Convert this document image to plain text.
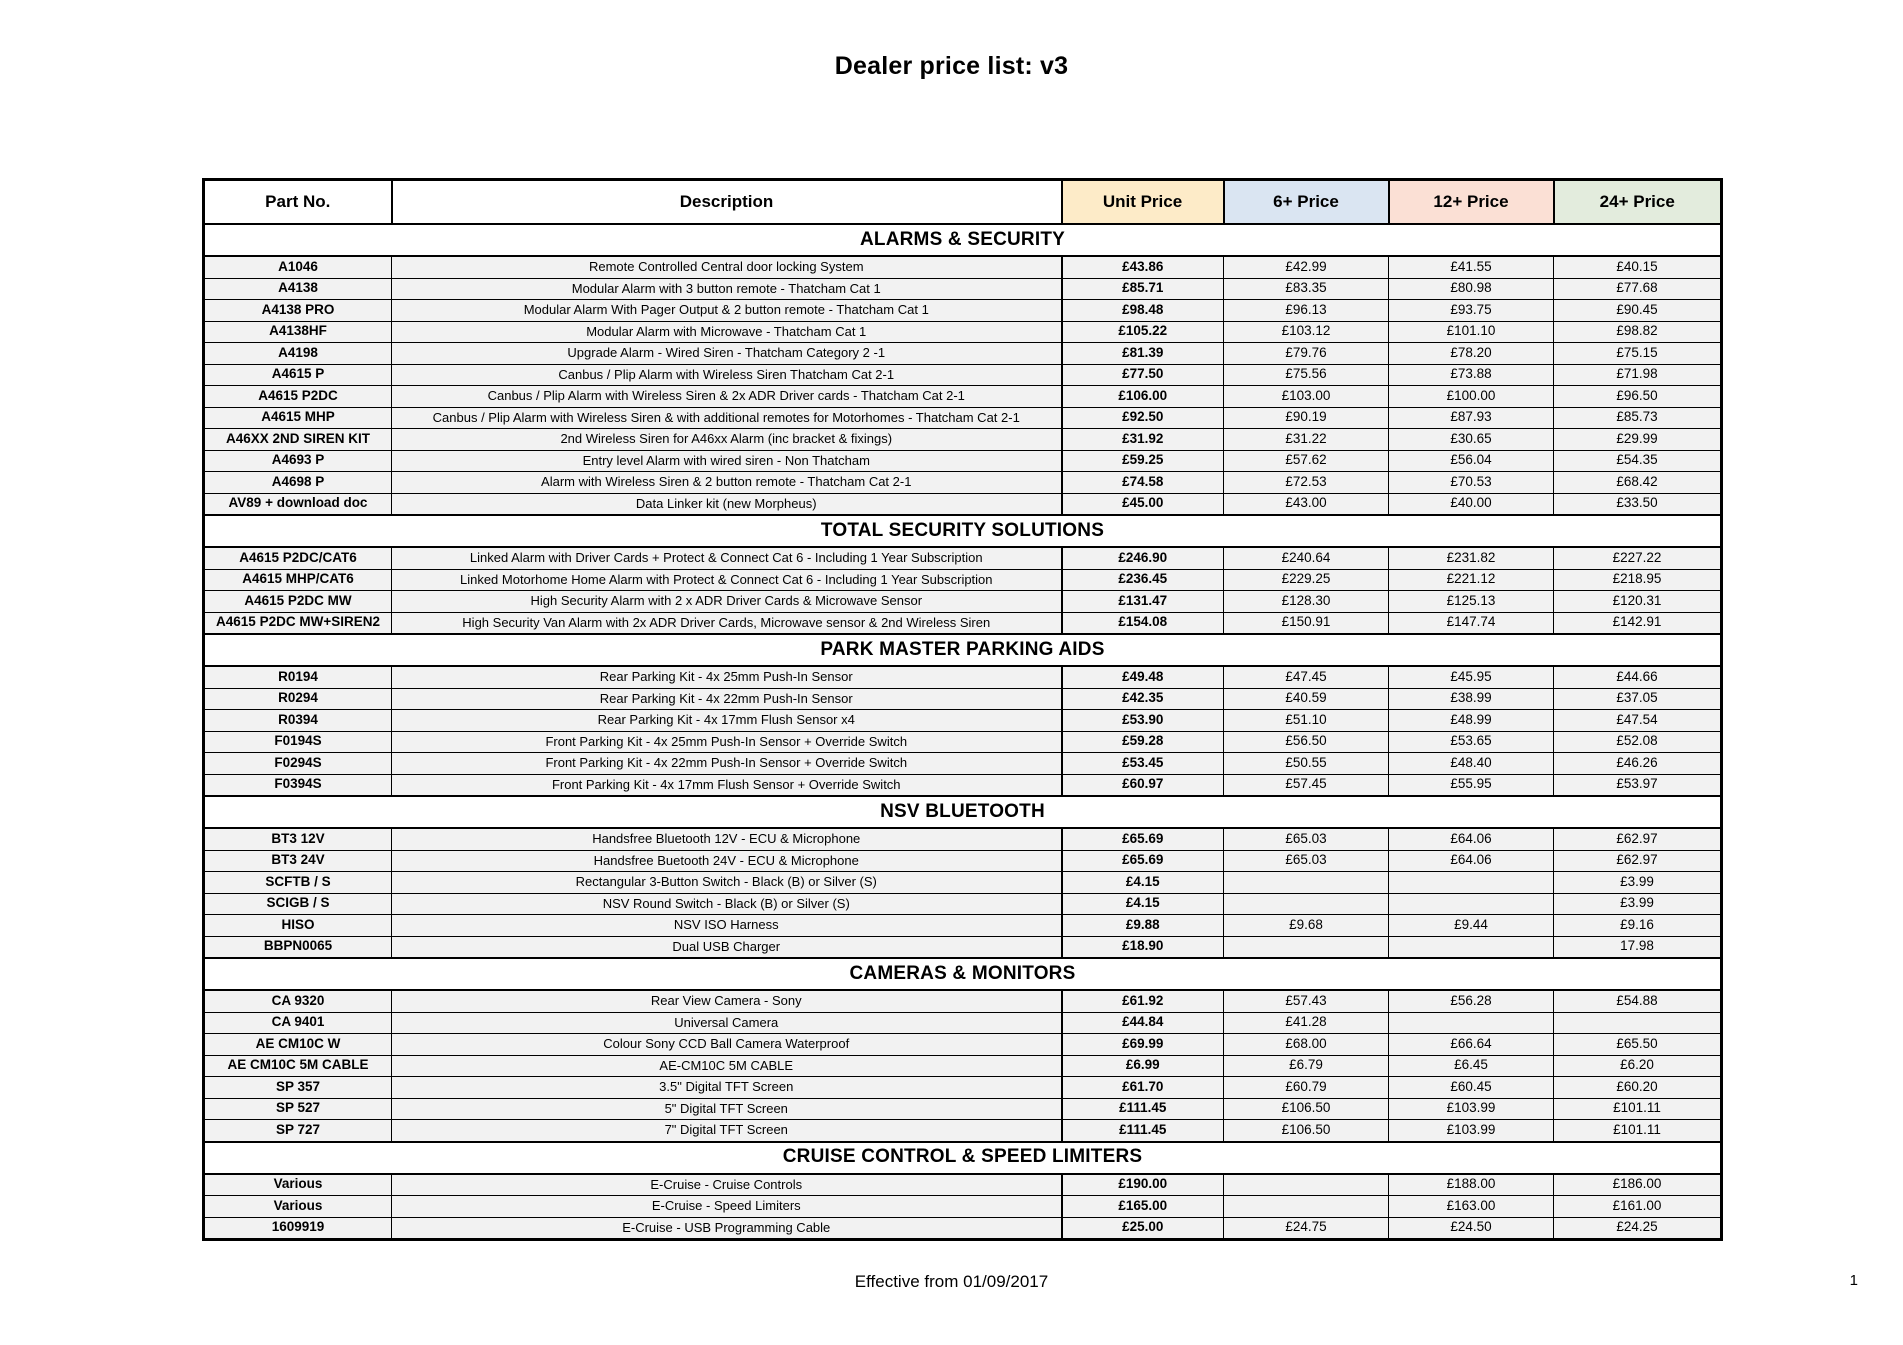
Dealer price list: v3
Part No.	Description	Unit Price	6+ Price	12+ Price	24+ Price
ALARMS & SECURITY					
A1046	Remote Controlled Central door locking System	£43.86	£42.99	£41.55	£40.15
A4138	Modular Alarm with 3 button remote - Thatcham Cat 1	£85.71	£83.35	£80.98	£77.68
A4138 PRO	Modular Alarm With Pager Output & 2 button remote - Thatcham Cat 1	£98.48	£96.13	£93.75	£90.45
A4138HF	Modular Alarm with Microwave - Thatcham Cat 1	£105.22	£103.12	£101.10	£98.82
A4198	Upgrade Alarm - Wired Siren - Thatcham Category 2 -1	£81.39	£79.76	£78.20	£75.15
A4615 P	Canbus / Plip Alarm with Wireless Siren Thatcham Cat 2-1	£77.50	£75.56	£73.88	£71.98
A4615 P2DC	Canbus / Plip Alarm with Wireless Siren & 2x ADR Driver cards - Thatcham Cat 2-1	£106.00	£103.00	£100.00	£96.50
A4615 MHP	Canbus / Plip Alarm with Wireless Siren & with additional remotes for Motorhomes - Thatcham Cat 2-1	£92.50	£90.19	£87.93	£85.73
A46XX 2ND SIREN KIT	2nd Wireless Siren for A46xx Alarm (inc bracket & fixings)	£31.92	£31.22	£30.65	£29.99
A4693 P	Entry level Alarm with wired siren - Non Thatcham	£59.25	£57.62	£56.04	£54.35
A4698 P	Alarm with Wireless Siren & 2 button remote - Thatcham Cat 2-1	£74.58	£72.53	£70.53	£68.42
AV89 + download doc	Data Linker kit (new Morpheus)	£45.00	£43.00	£40.00	£33.50
TOTAL SECURITY SOLUTIONS					
A4615 P2DC/CAT6	Linked Alarm with Driver Cards + Protect & Connect Cat 6 - Including 1 Year Subscription	£246.90	£240.64	£231.82	£227.22
A4615 MHP/CAT6	Linked Motorhome Home Alarm with Protect & Connect Cat 6 - Including 1 Year Subscription	£236.45	£229.25	£221.12	£218.95
A4615 P2DC MW	High Security Alarm with 2 x ADR Driver Cards & Microwave Sensor	£131.47	£128.30	£125.13	£120.31
A4615 P2DC MW+SIREN2	High Security Van Alarm with 2x ADR Driver Cards, Microwave sensor & 2nd Wireless Siren	£154.08	£150.91	£147.74	£142.91
PARK MASTER PARKING AIDS					
R0194	Rear Parking Kit - 4x 25mm Push-In Sensor	£49.48	£47.45	£45.95	£44.66
R0294	Rear Parking Kit - 4x 22mm Push-In Sensor	£42.35	£40.59	£38.99	£37.05
R0394	Rear Parking Kit - 4x 17mm Flush Sensor x4	£53.90	£51.10	£48.99	£47.54
F0194S	Front Parking Kit - 4x 25mm Push-In Sensor + Override Switch	£59.28	£56.50	£53.65	£52.08
F0294S	Front Parking Kit - 4x 22mm Push-In Sensor + Override Switch	£53.45	£50.55	£48.40	£46.26
F0394S	Front Parking Kit - 4x 17mm Flush Sensor + Override Switch	£60.97	£57.45	£55.95	£53.97
NSV BLUETOOTH					
BT3 12V	Handsfree Bluetooth 12V - ECU & Microphone	£65.69	£65.03	£64.06	£62.97
BT3 24V	Handsfree Buetooth 24V - ECU & Microphone	£65.69	£65.03	£64.06	£62.97
SCFTB / S	Rectangular 3-Button Switch - Black (B) or Silver (S)	£4.15			£3.99
SCIGB / S	NSV Round Switch - Black (B) or Silver (S)	£4.15			£3.99
HISO	NSV ISO Harness	£9.88	£9.68	£9.44	£9.16
BBPN0065	Dual USB Charger	£18.90			17.98
CAMERAS & MONITORS					
CA 9320	Rear View Camera - Sony	£61.92	£57.43	£56.28	£54.88
CA 9401	Universal Camera	£44.84	£41.28		
AE CM10C W	Colour Sony CCD Ball Camera Waterproof	£69.99	£68.00	£66.64	£65.50
AE CM10C 5M CABLE	AE-CM10C 5M CABLE	£6.99	£6.79	£6.45	£6.20
SP 357	3.5" Digital TFT Screen	£61.70	£60.79	£60.45	£60.20
SP 527	5" Digital TFT Screen	£111.45	£106.50	£103.99	£101.11
SP 727	7" Digital TFT Screen	£111.45	£106.50	£103.99	£101.11
CRUISE CONTROL & SPEED LIMITERS					
Various	E-Cruise - Cruise Controls	£190.00		£188.00	£186.00
Various	E-Cruise - Speed Limiters	£165.00		£163.00	£161.00
1609919	E-Cruise - USB Programming Cable	£25.00	£24.75	£24.50	£24.25
Effective from 01/09/2017	1
